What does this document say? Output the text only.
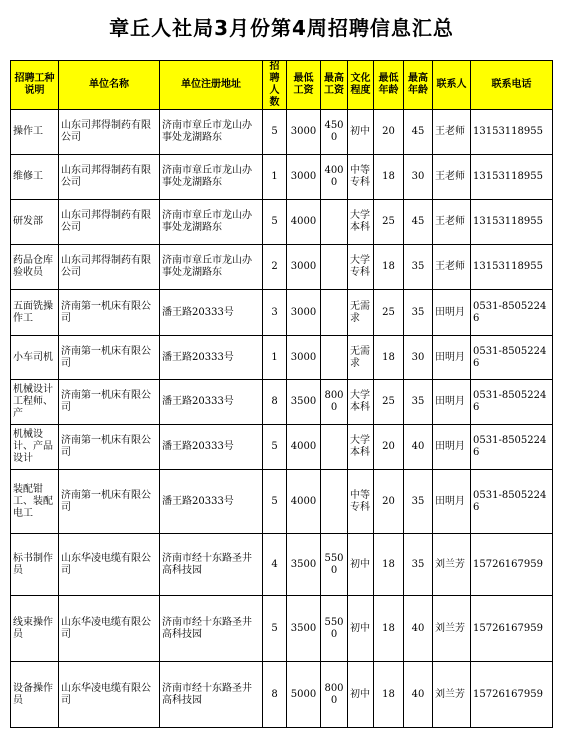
章丘人社局3月份第4周招聘信息汇总
招聘工种说明	单位名称	单位注册地址	招聘人数	最低工资	最高工资	文化程度	最低年龄	最高年龄	联系人	联系电话
操作工	山东司邦得制药有限公司	济南市章丘市龙山办事处龙湖路东	5	3000	4500	初中	20	45	王老师	13153118955
维修工	山东司邦得制药有限公司	济南市章丘市龙山办事处龙湖路东	1	3000	4000	中等专科	18	30	王老师	13153118955
研发部	山东司邦得制药有限公司	济南市章丘市龙山办事处龙湖路东	5	4000		大学本科	25	45	王老师	13153118955
药品仓库验收员	山东司邦得制药有限公司	济南市章丘市龙山办事处龙湖路东	2	3000		大学专科	18	35	王老师	13153118955
五面铣操作工	济南第一机床有限公司	潘王路20333号	3	3000		无需求	25	35	田明月	0531-85052246
小车司机	济南第一机床有限公司	潘王路20333号	1	3000		无需求	18	30	田明月	0531-85052246
机械设计工程师、产	济南第一机床有限公司	潘王路20333号	8	3500	8000	大学本科	25	35	田明月	0531-85052246
机械设计、产品设计	济南第一机床有限公司	潘王路20333号	5	4000		大学本科	20	40	田明月	0531-85052246
装配钳工、装配电工	济南第一机床有限公司	潘王路20333号	5	4000		中等专科	20	35	田明月	0531-85052246
标书制作员	山东华凌电缆有限公司	济南市经十东路圣井高科技园	4	3500	5500	初中	18	35	刘兰芳	15726167959
线束操作员	山东华凌电缆有限公司	济南市经十东路圣井高科技园	5	3500	5500	初中	18	40	刘兰芳	15726167959
设备操作员	山东华凌电缆有限公司	济南市经十东路圣井高科技园	8	5000	8000	初中	18	40	刘兰芳	15726167959
